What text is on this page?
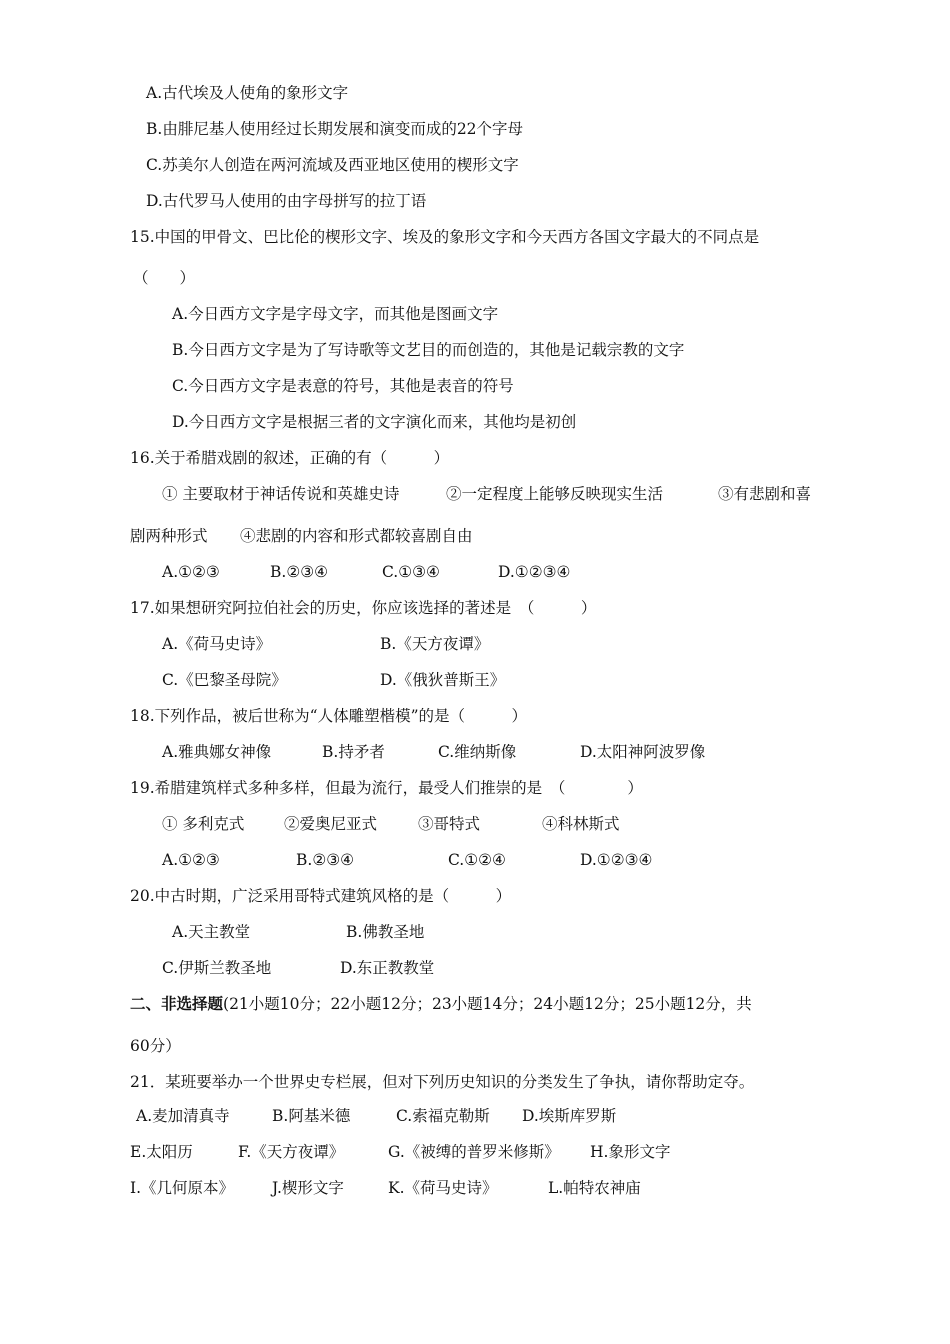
A.古代埃及人使角的象形文字
B.由腓尼基人使用经过长期发展和演变而成的22个字母
C.苏美尔人创造在两河流域及西亚地区使用的楔形文字
D.古代罗马人使用的由字母拼写的拉丁语
15.中国的甲骨文、巴比伦的楔形文字、埃及的象形文字和今天西方各国文字最大的不同点是
（　　）
A.今日西方文字是字母文字，而其他是图画文字
B.今日西方文字是为了写诗歌等文艺目的而创造的，其他是记载宗教的文字
C.今日西方文字是表意的符号，其他是表音的符号
D.今日西方文字是根据三者的文字演化而来，其他均是初创
16.关于希腊戏剧的叙述，正确的有（　　　）
① 主要取材于神话传说和英雄史诗	②一定程度上能够反映现实生活	③有悲剧和喜
剧两种形式 ④悲剧的内容和形式都较喜剧自由
A.①②③	B.②③④	C.①③④	D.①②③④
17.如果想研究阿拉伯社会的历史，你应该选择的著述是　（　　　）
A.《荷马史诗》	B.《天方夜谭》
C.《巴黎圣母院》	D.《俄狄普斯王》
18.下列作品，被后世称为“人体雕塑楷模”的是（　　　）
A.雅典娜女神像	B.持矛者	C.维纳斯像	D.太阳神阿波罗像
19.希腊建筑样式多种多样，但最为流行，最受人们推崇的是　（　　　　）
① 多利克式	②爱奥尼亚式	③哥特式	④科林斯式
A.①②③	B.②③④	C.①②④	D.①②③④
20.中古时期，广泛采用哥特式建筑风格的是（　　　）
A.天主教堂	B.佛教圣地
C.伊斯兰教圣地	D.东正教教堂
二、非选择题(21小题10分；22小题12分；23小题14分；24小题12分；25小题12分，共
60分）
21．某班要举办一个世界史专栏展，但对下列历史知识的分类发生了争执，请你帮助定夺。
A.麦加清真寺	B.阿基米德	C.索福克勒斯 D.埃斯库罗斯
E.太阳历	F.《天方夜谭》	G.《被缚的普罗米修斯》 H.象形文字
I.《几何原本》 J.楔形文字	K.《荷马史诗》	L.帕特农神庙
